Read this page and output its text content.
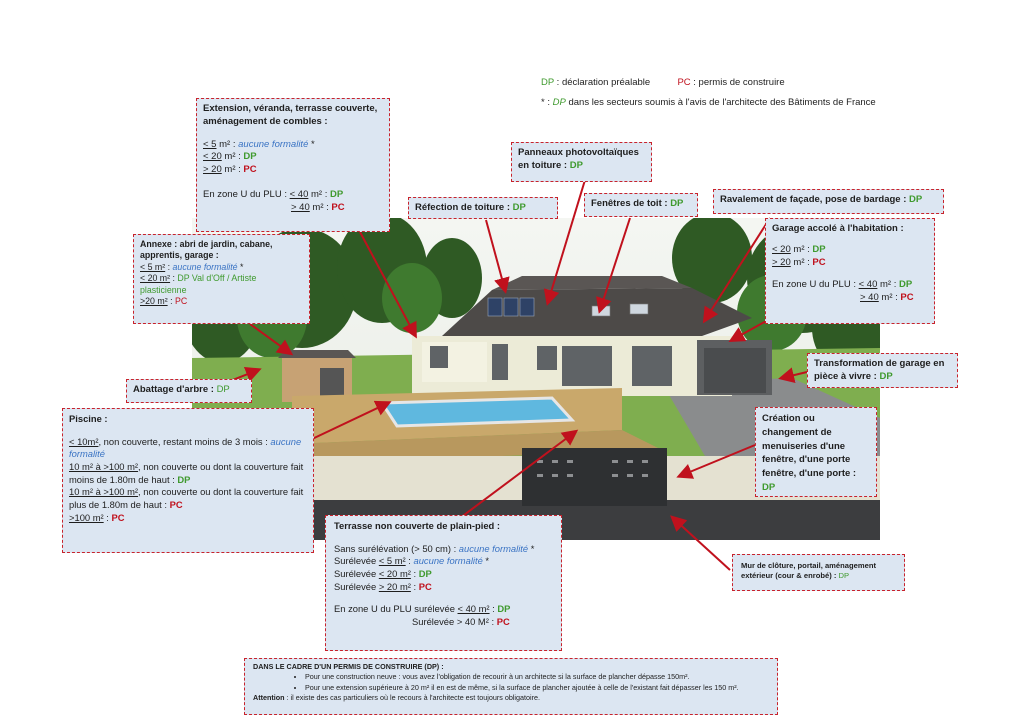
DP : déclaration préalable	PC : permis de construire
* : DP dans les secteurs soumis à l'avis de l'architecte des Bâtiments de France
Extension, véranda, terrasse couverte,
aménagement de combles :
< 5 m² : aucune formalité *
< 20 m² : DP
> 20 m² : PC
En zone U du PLU : < 40 m² : DP
> 40 m² : PC
Panneaux photovoltaïques
en toiture : DP
Réfection de toiture : DP	Fenêtres de toit : DP	Ravalement de façade, pose de bardage : DP
Garage accolé à l'habitation :
< 20 m² : DP
> 20 m² : PC
En zone U du PLU : < 40 m² : DP
> 40 m² : PC
Annexe : abri de jardin, cabane,
apprentis, garage :
< 5 m² : aucune formalité *
< 20 m² : DP Val d'Off / Artiste plasticienne
>20 m² : PC
Transformation de garage en
pièce à vivre : DP
Abattage d'arbre : DP
Piscine :
< 10m², non couverte, restant moins de 3 mois : aucune formalité
10 m² à >100 m², non couverte ou dont la couverture fait moins de 1.80m de haut : DP
10 m² à >100 m², non couverte ou dont la couverture fait plus de 1.80m de haut : PC
>100 m² : PC
Création ou changement de menuiseries d'une fenêtre, d'une porte fenêtre, d'une porte : DP
Terrasse non couverte de plain-pied :
Sans surélévation (> 50 cm) : aucune formalité *
Surélevée < 5 m² : aucune formalité *
Surélevée < 20 m² : DP
Surélevée > 20 m² : PC
En zone U du PLU surélevée < 40 m² : DP
Surélevée > 40 M² : PC
Mur de clôture, portail, aménagement extérieur (cour & enrobé) : DP
DANS LE CADRE D'UN PERMIS DE CONSTRUIRE (DP) :
• Pour une construction neuve : vous avez l'obligation de recourir à un architecte si la surface de plancher dépasse 150m².
• Pour une extension supérieure à 20 m² il en est de même, si la surface de plancher ajoutée à celle de l'existant fait dépasser les 150 m².
Attention : il existe des cas particuliers où le recours à l'architecte est toujours obligatoire.
